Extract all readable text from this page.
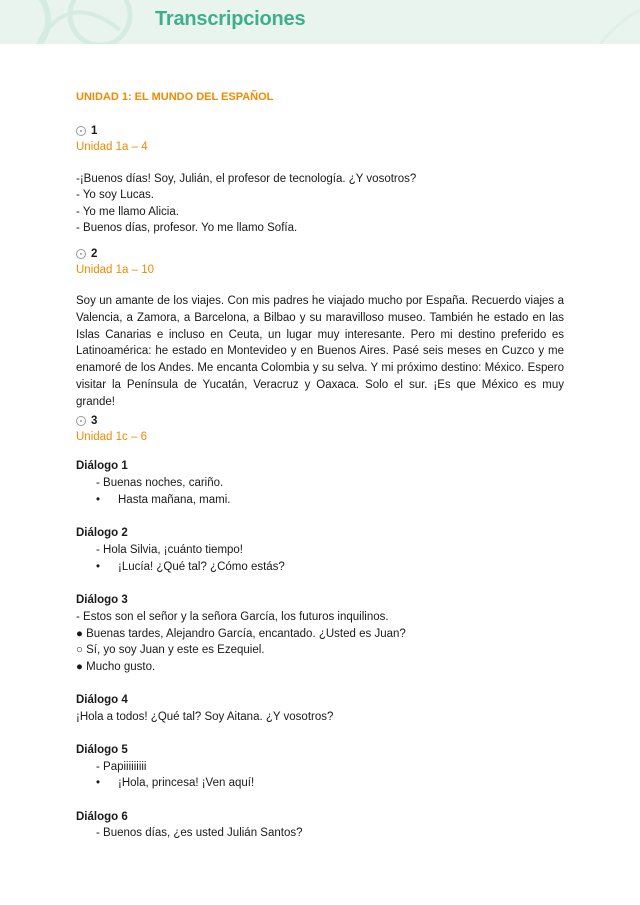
Transcripciones
UNIDAD 1: EL MUNDO DEL ESPAÑOL
1
Unidad 1a – 4
-¡Buenos días! Soy, Julián, el profesor de tecnología. ¿Y vosotros?
- Yo soy Lucas.
- Yo me llamo Alicia.
- Buenos días, profesor. Yo me llamo Sofía.
2
Unidad 1a – 10
Soy un amante de los viajes. Con mis padres he viajado mucho por España. Recuerdo viajes a Valencia, a Zamora, a Barcelona, a Bilbao y su maravilloso museo. También he estado en las Islas Canarias e incluso en Ceuta, un lugar muy interesante. Pero mi destino preferido es Latinoamérica: he estado en Montevideo y en Buenos Aires. Pasé seis meses en Cuzco y me enamoré de los Andes. Me encanta Colombia y su selva. Y mi próximo destino: México. Espero visitar la Península de Yucatán, Veracruz y Oaxaca. Solo el sur. ¡Es que México es muy grande!
3
Unidad 1c – 6
Diálogo 1
- Buenas noches, cariño.
• Hasta mañana, mami.
Diálogo 2
- Hola Silvia, ¡cuánto tiempo!
• ¡Lucía! ¿Qué tal? ¿Cómo estás?
Diálogo 3
- Estos son el señor y la señora García, los futuros inquilinos.
● Buenas tardes, Alejandro García, encantado. ¿Usted es Juan?
○ Sí, yo soy Juan y este es Ezequiel.
● Mucho gusto.
Diálogo 4
¡Hola a todos! ¿Qué tal? Soy Aitana. ¿Y vosotros?
Diálogo 5
- Papiiiiiiiii
• ¡Hola, princesa! ¡Ven aquí!
Diálogo 6
- Buenos días, ¿es usted Julián Santos?
